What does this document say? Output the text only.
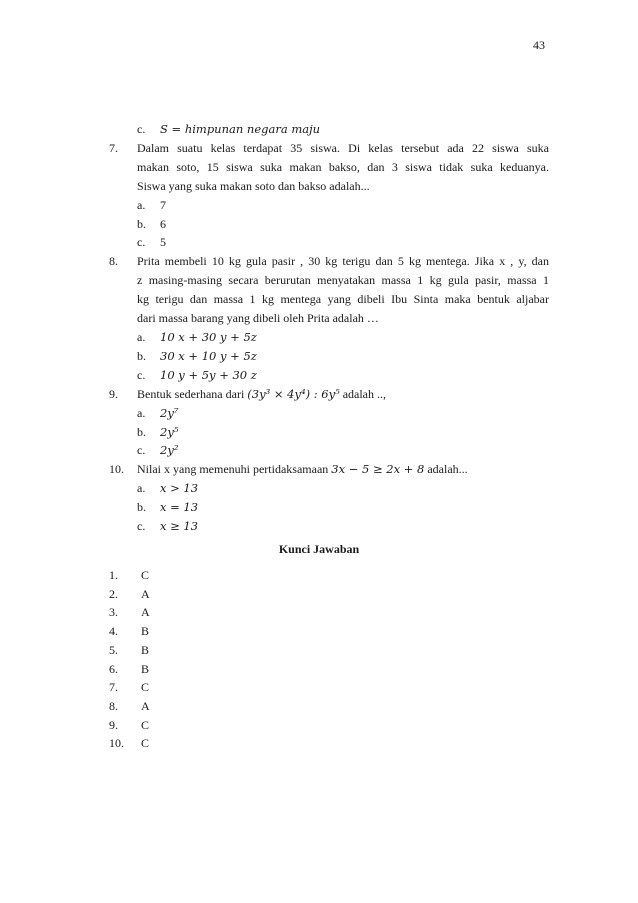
43
c. S = himpunan negara maju
7. Dalam suatu kelas terdapat 35 siswa. Di kelas tersebut ada 22 siswa suka
makan soto, 15 siswa suka makan bakso, dan 3 siswa tidak suka keduanya.
Siswa yang suka makan soto dan bakso adalah...
a. 7
b. 6
c. 5
8. Prita membeli 10 kg gula pasir , 30 kg terigu dan 5 kg mentega. Jika x , y, dan
z masing-masing secara berurutan menyatakan massa 1 kg gula pasir, massa 1
kg terigu dan massa 1 kg mentega yang dibeli Ibu Sinta maka bentuk aljabar
dari massa barang yang dibeli oleh Prita adalah …
a. 10 x + 30 y + 5z
b. 30 x + 10 y + 5z
c. 10 y + 5y + 30 z
9. Bentuk sederhana dari (3y³ × 4y⁴) : 6y⁵ adalah ..,
a. 2y⁷
b. 2y⁵
c. 2y²
10. Nilai x yang memenuhi pertidaksamaan 3x − 5 ≥ 2x + 8 adalah...
a. x > 13
b. x = 13
c. x ≥ 13
Kunci Jawaban
1. C
2. A
3. A
4. B
5. B
6. B
7. C
8. A
9. C
10. C
